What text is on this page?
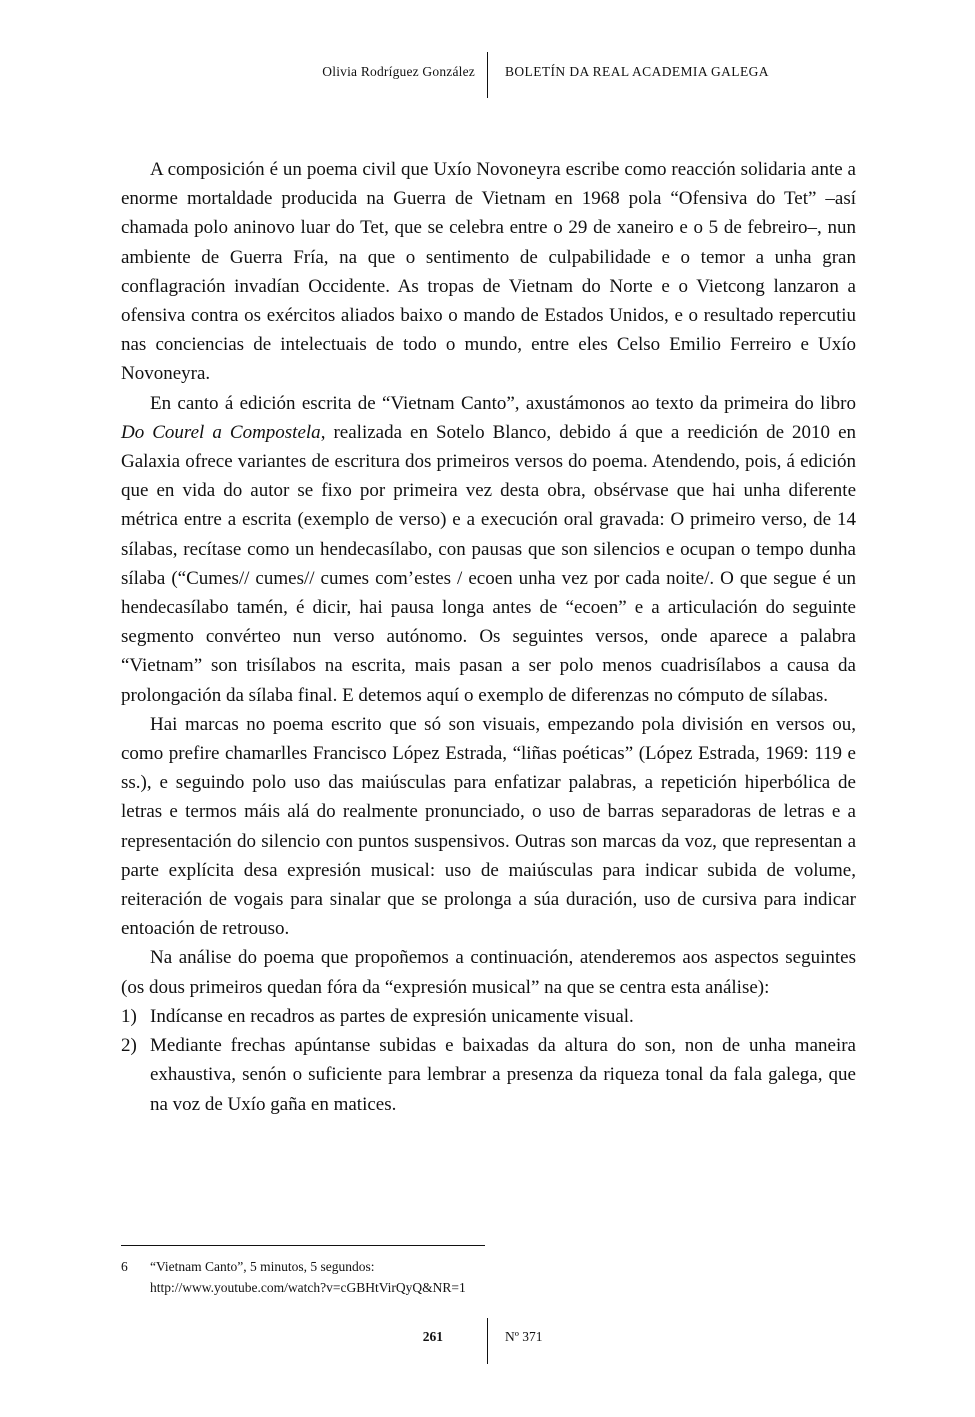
Olivia Rodríguez González BOLETÍN DA REAL ACADEMIA GALEGA

A composición é un poema civil que Uxío Novoneyra escribe como reacción solidaria ante a enorme mortaldade producida na Guerra de Vietnam en 1968 pola “Ofensiva do Tet” –así chamada polo aninovo luar do Tet, que se celebra entre o 29 de xaneiro e o 5 de febreiro–, nun ambiente de Guerra Fría, na que o sentimento de culpabilidade e o temor a unha gran conflagración invadían Occidente. As tropas de Vietnam do Norte e o Vietcong lanzaron a ofensiva contra os exércitos aliados baixo o mando de Estados Unidos, e o resultado repercutiu nas conciencias de intelectuais de todo o mundo, entre eles Celso Emilio Ferreiro e Uxío Novoneyra.

En canto á edición escrita de “Vietnam Canto”, axustámonos ao texto da primeira do libro Do Courel a Compostela, realizada en Sotelo Blanco, debido á que a reedición de 2010 en Galaxia ofrece variantes de escritura dos primeiros versos do poema. Atendendo, pois, á edición que en vida do autor se fixo por primeira vez desta obra, obsérvase que hai unha diferente métrica entre a escrita (exemplo de verso) e a execución oral gravada: O primeiro verso, de 14 sílabas, recítase como un hendecasílabo, con pausas que son silencios e ocupan o tempo dunha sílaba (“Cumes// cumes// cumes com’estes / ecoen unha vez por cada noite/. O que segue é un hendecasílabo tamén, é dicir, hai pausa longa antes de “ecoen” e a articulación do seguinte segmento convérteo nun verso autónomo. Os seguintes versos, onde aparece a palabra “Vietnam” son trisílabos na escrita, mais pasan a ser polo menos cuadrisílabos a causa da prolongación da sílaba final. E detemos aquí o exemplo de diferenzas no cómputo de sílabas.

Hai marcas no poema escrito que só son visuais, empezando pola división en versos ou, como prefire chamarlles Francisco López Estrada, “liñas poéticas” (López Estrada, 1969: 119 e ss.), e seguindo polo uso das maiúsculas para enfatizar palabras, a repetición hiperbólica de letras e termos máis alá do realmente pronunciado, o uso de barras separadoras de letras e a representación do silencio con puntos suspensivos. Outras son marcas da voz, que representan a parte explícita desa expresión musical: uso de maiúsculas para indicar subida de volume, reiteración de vogais para sinalar que se prolonga a súa duración, uso de cursiva para indicar entoación de retrouso.

Na análise do poema que propoñemos a continuación, atenderemos aos aspectos seguintes (os dous primeiros quedan fóra da “expresión musical” na que se centra esta análise):

1) Indícanse en recadros as partes de expresión unicamente visual.
2) Mediante frechas apúntanse subidas e baixadas da altura do son, non de unha maneira exhaustiva, senón o suficiente para lembrar a presenza da riqueza tonal da fala galega, que na voz de Uxío gaña en matices.
6 “Vietnam Canto”, 5 minutos, 5 segundos:
http://www.youtube.com/watch?v=cGBHtVirQyQ&NR=1
261	Nº 371
